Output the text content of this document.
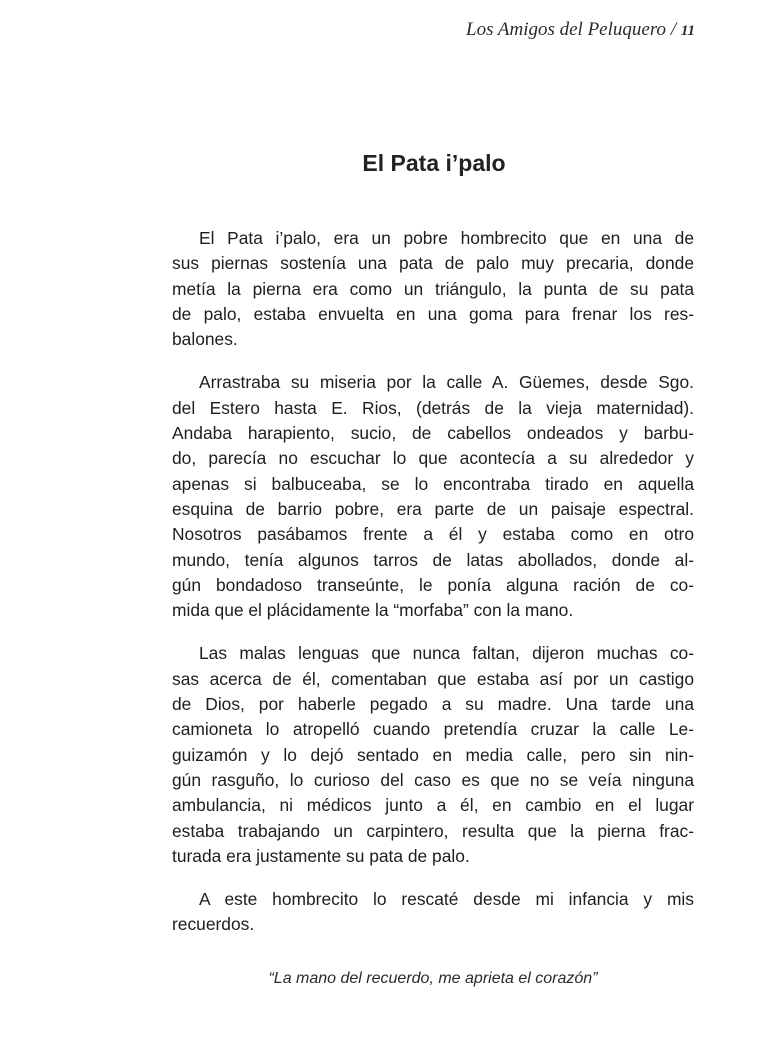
Los Amigos del Peluquero / 11
El Pata i’palo

El Pata i’palo, era un pobre hombrecito que en una de
sus piernas sostenía una pata de palo muy precaria, donde
metía la pierna era como un triángulo, la punta de su pata
de palo, estaba envuelta en una goma para frenar los res-
balones.

Arrastraba su miseria por la calle A. Güemes, desde Sgo.
del Estero hasta E. Rios, (detrás de la vieja maternidad).
Andaba harapiento, sucio, de cabellos ondeados y barbu-
do, parecía no escuchar lo que acontecía a su alrededor y
apenas si balbuceaba, se lo encontraba tirado en aquella
esquina de barrio pobre, era parte de un paisaje espectral.
Nosotros pasábamos frente a él y estaba como en otro
mundo, tenía algunos tarros de latas abollados, donde al-
gún bondadoso transeúnte, le ponía alguna ración de co-
mida que el plácidamente la “morfaba” con la mano.

Las malas lenguas que nunca faltan, dijeron muchas co-
sas acerca de él, comentaban que estaba así por un castigo
de Dios, por haberle pegado a su madre. Una tarde una
camioneta lo atropelló cuando pretendía cruzar la calle Le-
guizamón y lo dejó sentado en media calle, pero sin nin-
gún rasguño, lo curioso del caso es que no se veía ninguna
ambulancia, ni médicos junto a él, en cambio en el lugar
estaba trabajando un carpintero, resulta que la pierna frac-
turada era justamente su pata de palo.

A este hombrecito lo rescaté desde mi infancia y mis
recuerdos.

“La mano del recuerdo, me aprieta el corazón”
